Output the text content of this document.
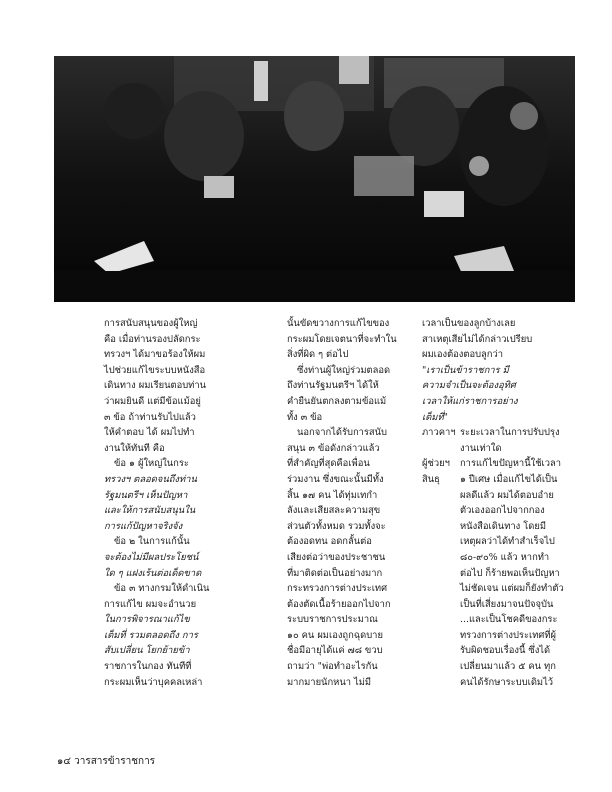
การสนับสนุนของผู้ใหญ่

คือ เมื่อท่านรองปลัดกระ

ทรวงฯ ได้มาขอร้องให้ผม

ไปช่วยแก้ไขระบบหนังสือ

เดินทาง ผมเรียนตอบท่าน

ว่าผมยินดี แต่มีข้อแม้อยู่

๓ ข้อ ถ้าท่านรับไปแล้ว

ให้คำตอบ ได้ ผมไปทำ

งานให้ทันที คือ

ข้อ ๑ ผู้ใหญ่ในกระ

ทรวงฯ ตลอดจนถึงท่าน

รัฐมนตรีฯ เห็นปัญหา

และให้การสนับสนุนใน

การแก้ปัญหาจริงจัง

ข้อ ๒ ในการแก้นั้น

จะต้องไม่มีผลประโยชน์

ใด ๆ แฝงเร้นต่อเด็ดขาด

ข้อ ๓ ทางกรมให้ดำเนิน

การแก้ไข ผมจะอำนวย

ในการพิจารณาแก้ไข

เต็มที่ รวมตลอดถึง การ

สับเปลี่ยน โยกย้ายข้า

ราชการในกอง ทันทีที่

กระผมเห็นว่าบุคคลเหล่า

นั้นขัดขวางการแก้ไขของ

กระผมโดยเจตนาที่จะทำใน

สิ่งที่ผิด ๆ ต่อไป

ซึ่งท่านผู้ใหญ่ร่วมตลอด

ถึงท่านรัฐมนตรีฯ ได้ให้

คำยืนยันตกลงตามข้อแม้

ทั้ง ๓ ข้อ

นอกจากได้รับการสนับ

สนุน ๓ ข้อดังกล่าวแล้ว

ที่สำคัญที่สุดคือเพื่อน

ร่วมงาน ซึ่งขณะนั้นมีทั้ง

สิ้น ๑๗ คน ได้ทุ่มเทกำ

ลังและเสียสละความสุข

ส่วนตัวทั้งหมด รวมทั้งจะ

ต้องอดทน อดกลั้นต่อ

เสียงต่อว่าของประชาชน

ที่มาติดต่อเป็นอย่างมาก

กระทรวงการต่างประเทศ

ต้องตัดเนื้อร้ายออกไปจาก

ระบบราชการประมาณ

๑๐ คน ผมเองถูกฉุดบาย

ชื่อมีอายุได้แค่ ๗๘ ขวบ

ถามว่า "พ่อทำอะไรกัน

มากมายนักหนา ไม่มี

เวลาเป็นของลูกบ้างเลย

สาเหตุเสียไม่ได้กล่าวเปรียบ

ผมเองต้องตอบลูกว่า

"เราเป็นข้าราชการ มี

ความจำเป็นจะต้องอุทิศ

เวลาให้แก่ราชการอย่าง

เต็มที่"

ภาวคาฯ ระยะเวลาในการปรับปรุง

งานเท่าใด

ผู้ช่วยฯ สินธุ

การแก้ไขปัญหานี้ใช้เวลา

๑ ปีเศษ เมื่อแก้ไขได้เป็น

ผลดีแล้ว ผมได้ตอบอำย

ตัวเองออกไปจากกอง

หนังสือเดินทาง โดยมี

เหตุผลว่าได้ทำสำเร็จไป

๘๐-๙๐% แล้ว หากทำ

ต่อไป ก็ร้ายพอเห็นปัญหา

ไม่ชัดเจน แต่ผมก็ยังทำตัว

เป็นที่เสี่ยงมาจนปัจจุบัน

...และเป็นโชคดีของกระ

ทรวงการต่างประเทศที่ผู้

รับผิดชอบเรื่องนี้ ซึ่งได้

เปลี่ยนมาแล้ว ๕ คน ทุก

คนได้รักษาระบบเดิมไว้

๑๔ วารสารข้าราชการ
